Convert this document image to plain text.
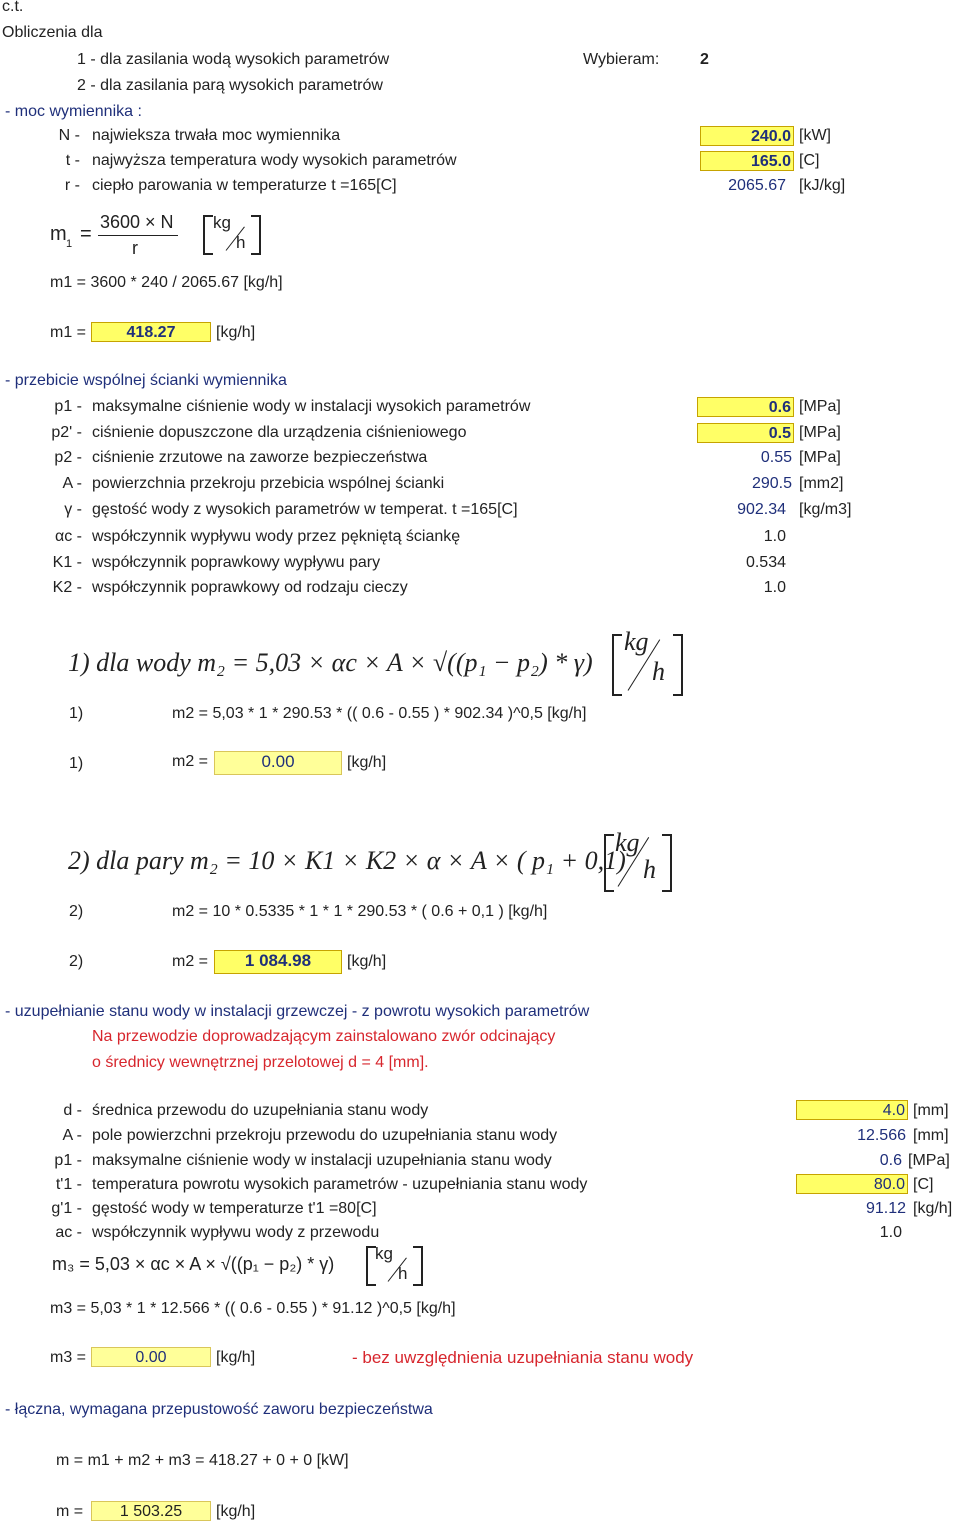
c.t.
Obliczenia dla
1 - dla zasilania wodą wysokich parametrów	Wybieram:	2
2 - dla zasilania parą wysokich parametrów
- moc wymiennika :
N - najwieksza trwała moc wymiennika	240.0 [kW]
t - najwyższa temperatura wody wysokich parametrów	165.0 [C]
r - ciepło parowania w temperaturze t =165[C]	2065.67 [kJ/kg]
m 1 =
3600 × N
r
kg
h
m1 = 3600 * 240 / 2065.67 [kg/h]
m1 =	418.27	[kg/h]
- przebicie wspólnej ścianki wymiennika
p1 - maksymalne ciśnienie wody w instalacji wysokich parametrów	0.6 [MPa]
p2' - ciśnienie dopuszczone dla urządzenia ciśnieniowego	0.5 [MPa]
p2 - ciśnienie zrzutowe na zaworze bezpieczeństwa	0.55 [MPa]
A - powierzchnia przekroju przebicia wspólnej ścianki	290.5 [mm2]
γ - gęstość wody z wysokich parametrów w temperat. t =165[C]	902.34 [kg/m3]
αc - współczynnik wypływu wody przez pękniętą ściankę	1.0
K1 - współczynnik poprawkowy wypływu pary	0.534
K2 - współczynnik poprawkowy od rodzaju cieczy	1.0
1) dla wody m₂ = 5,03 × αc × A × √((p₁ − p₂) * γ)
kg
h
1)	m2 = 5,03 * 1 * 290.53 * (( 0.6 - 0.55 ) * 902.34 )^0,5 [kg/h]
1)	m2 =	0.00	[kg/h]
2) dla pary m₂ = 10 × K1 × K2 × α × A × ( p₁ + 0,1)
kg
h
2)	m2 = 10 * 0.5335 * 1 * 1 * 290.53 * ( 0.6 + 0,1 ) [kg/h]
2)	m2 =	1 084.98	[kg/h]
- uzupełnianie stanu wody w instalacji grzewczej - z powrotu wysokich parametrów
Na przewodzie doprowadzającym zainstalowano zwór odcinający
o średnicy wewnętrznej przelotowej d = 4 [mm].
d - średnica przewodu do uzupełniania stanu wody	4.0 [mm]
A - pole powierzchni przekroju przewodu do uzupełniania stanu wody	12.566 [mm]
p1 - maksymalne ciśnienie wody w instalacji uzupełniania stanu wody	0.6 [MPa]
t'1 - temperatura powrotu wysokich parametrów - uzupełniania stanu wody	80.0 [C]
g'1 - gęstość wody w temperaturze t'1 =80[C]	91.12 [kg/h]
ac - współczynnik wypływu wody z przewodu	1.0
m₃ = 5,03 × αc × A × √((p₁ − p₂) * γ)
kg
h
m3 = 5,03 * 1 * 12.566 * (( 0.6 - 0.55 ) * 91.12 )^0,5 [kg/h]
m3 =	0.00	[kg/h]	- bez uwzględnienia uzupełniania stanu wody
- łączna, wymagana przepustowość zaworu bezpieczeństwa
m = m1 + m2 + m3 = 418.27 + 0 + 0 [kW]
m =	1 503.25	[kg/h]
